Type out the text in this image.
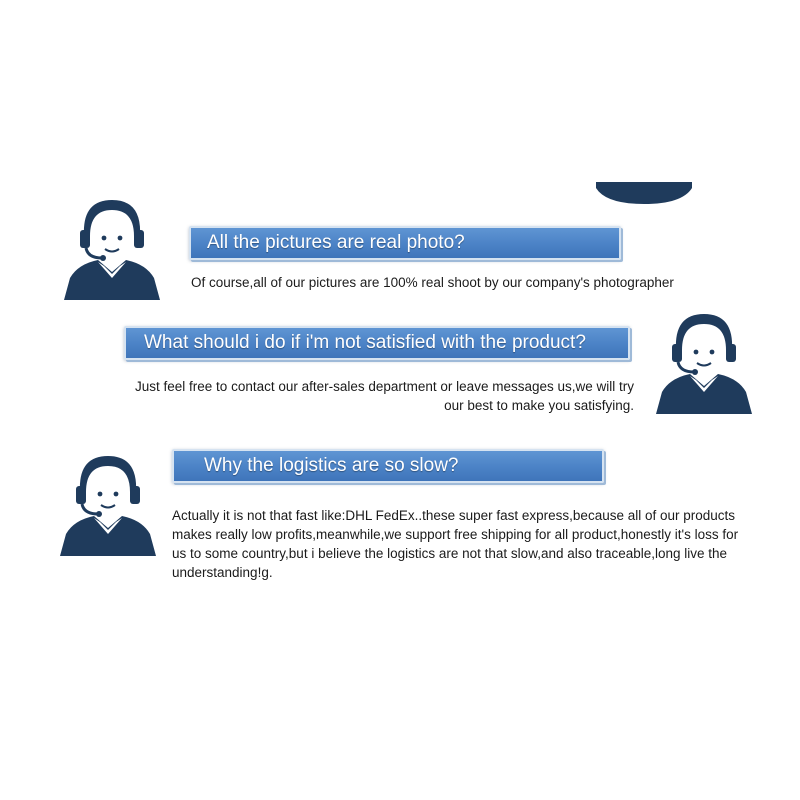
All the pictures are real photo?

Of course,all of our pictures are 100% real shoot by our company's photographer

What should i do if i'm not satisfied with the product?

Just feel free to contact our after-sales department or leave messages us,we will try

our best to make you satisfying.

Why the logistics are so slow?

Actually it is not that fast like:DHL FedEx..these super fast express,because all of our products

makes really low profits,meanwhile,we support free shipping for all product,honestly it's loss for

us to some country,but i believe the logistics are not that slow,and also traceable,long live the

understanding!g.
